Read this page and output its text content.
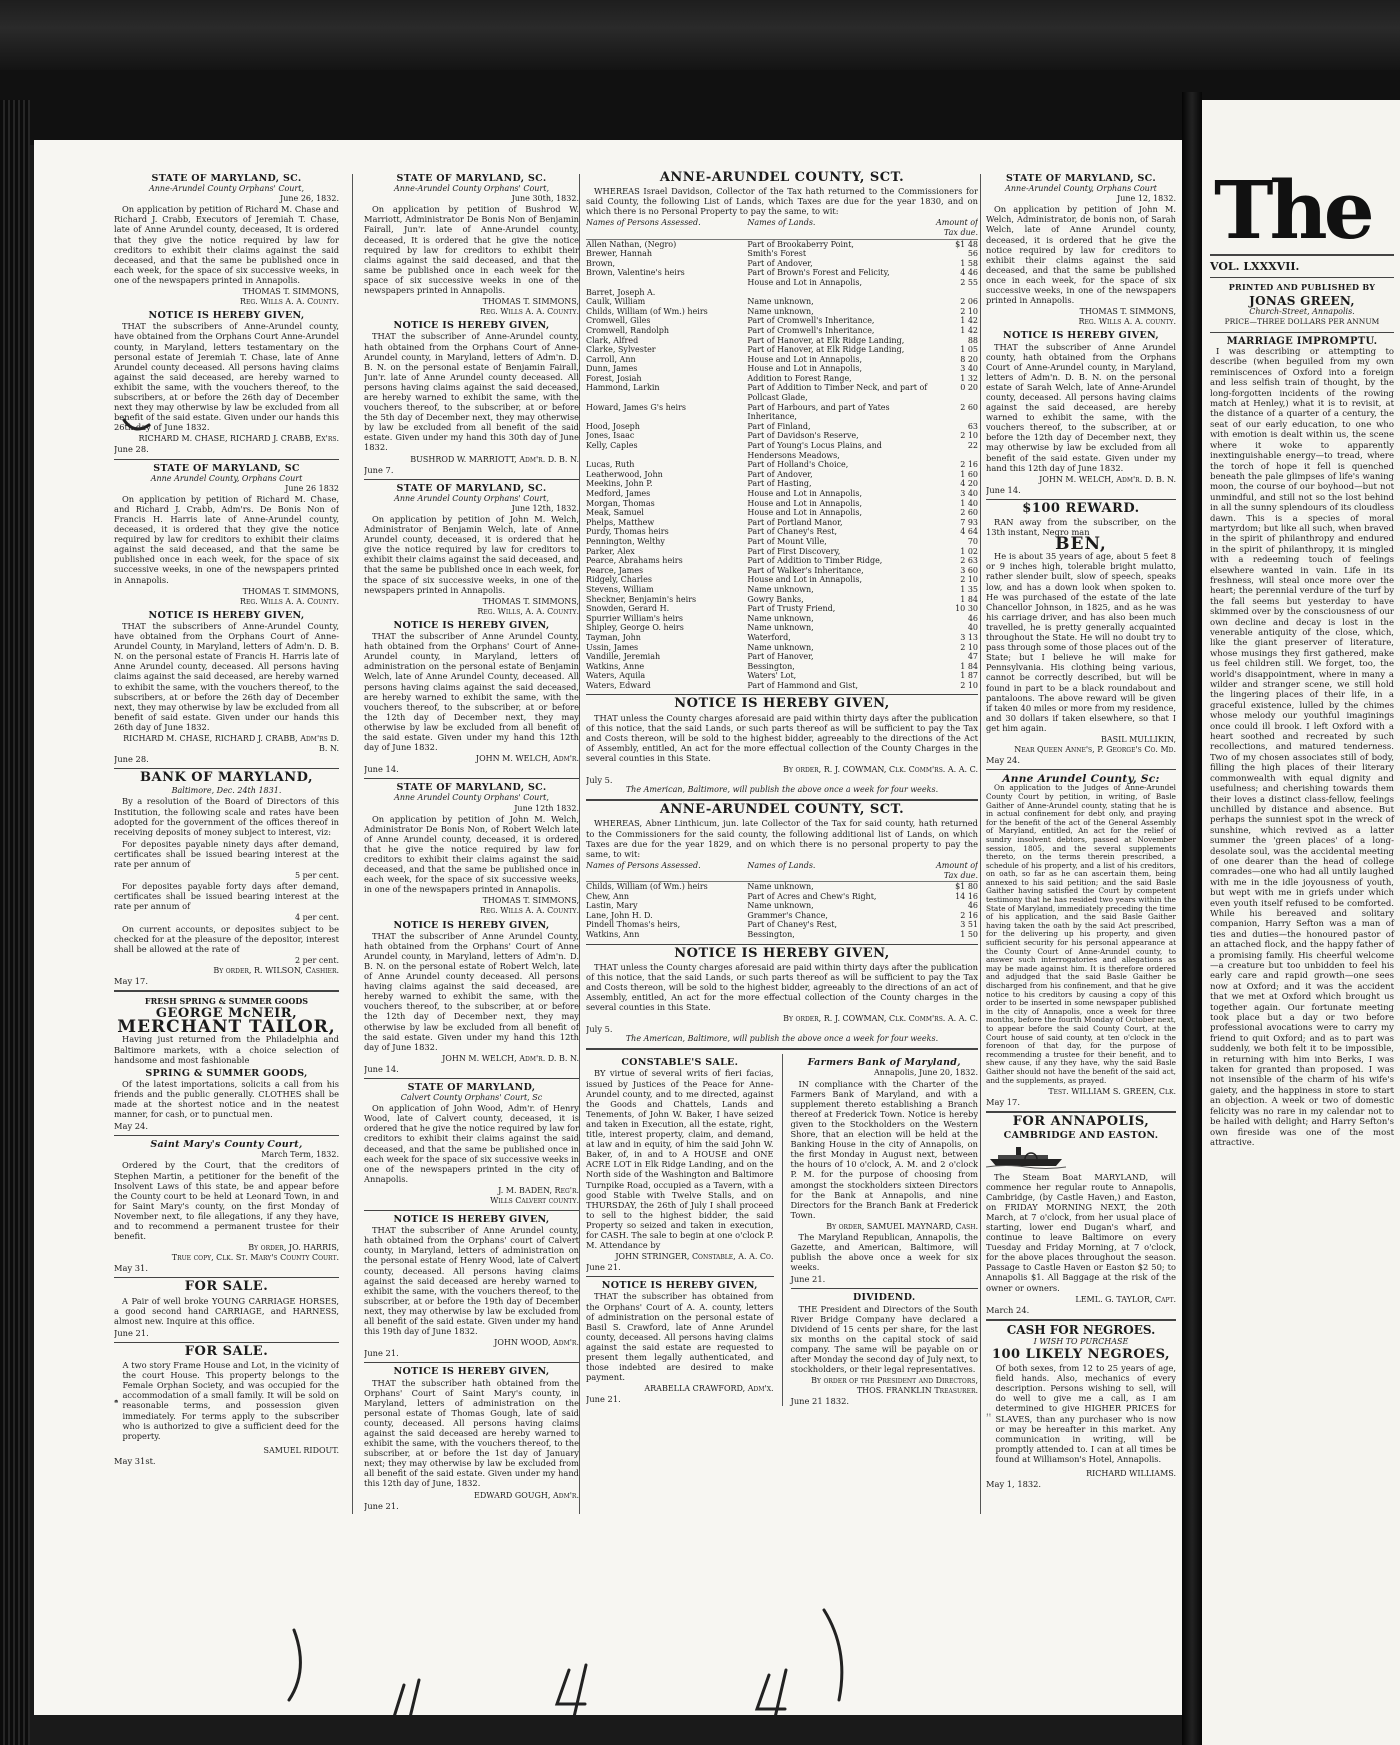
STATE OF MARYLAND, SC.
Anne-Arundel County Orphans' Court,
June 26, 1832.

On application by petition of Richard M. Chase and Richard J. Crabb, Executors of Jeremiah T. Chase, late of Anne Arundel county, deceased, It is ordered that they give the notice required by law for creditors to exhibit their claims against the said deceased, and that the same be published once in each week, for the space of six successive weeks, in one of the newspapers printed in Annapolis.

THOMAS T. SIMMONS,
Reg. Wills A. A. County.
NOTICE IS HEREBY GIVEN,

THAT the subscribers of Anne-Arundel county, have obtained from the Orphans Court Anne-Arundel county, in Maryland, letters testamentary on the personal estate of Jeremiah T. Chase, late of Anne Arundel county deceased. All persons having claims against the said deceased, are hereby warned to exhibit the same, with the vouchers thereof, to the subscribers, at or before the 26th day of December next they may otherwise by law be excluded from all benefit of the said estate. Given under our hands this 26th day of June 1832.

RICHARD M. CHASE, RICHARD J. CRABB, Ex'rs.
June 28.
STATE OF MARYLAND, SC
Anne Arundel County, Orphans Court
June 26 1832

On application by petition of Richard M. Chase, and Richard J. Crabb, Adm'rs. De Bonis Non of Francis H. Harris late of Anne-Arundel county, deceased, it is ordered that they give the notice required by law for creditors to exhibit their claims against the said deceased, and that the same be published once in each week, for the space of six successive weeks, in one of the newspapers printed in Annapolis.

THOMAS T. SIMMONS,
Reg. Wills A. A. County.
NOTICE IS HEREBY GIVEN,

THAT the subscribers of Anne-Arundel County, have obtained from the Orphans Court of Anne-Arundel County, in Maryland, letters of Adm'n. D. B. N. on the personal estate of Francis H. Harris late of Anne Arundel county, deceased. All persons having claims against the said deceased, are hereby warned to exhibit the same, with the vouchers thereof, to the subscribers, at or before the 26th day of December next, they may otherwise by law be excluded from all benefit of said estate. Given under our hands this 26th day of June 1832.

RICHARD M. CHASE, RICHARD J. CRABB, Adm'rs D. B. N.
June 28.
BANK OF MARYLAND,
Baltimore, Dec. 24th 1831.

By a resolution of the Board of Directors of this Institution, the following scale and rates have been adopted for the government of the offices thereof in receiving deposits of money subject to interest, viz:

For deposites payable ninety days after demand, certificates shall be issued bearing interest at the rate per annum of

5 per cent.

For deposites payable forty days after demand, certificates shall be issued bearing interest at the rate per annum of

4 per cent.

On current accounts, or deposites subject to be checked for at the pleasure of the depositor, interest shall be allowed at the rate of

2 per cent.
By order, R. WILSON, Cashier.
May 17.
FRESH SPRING & SUMMER GOODS
GEORGE McNEIR,
MERCHANT TAILOR,

Having just returned from the Philadelphia and Baltimore markets, with a choice selection of handsome and most fashionable

SPRING & SUMMER GOODS,

Of the latest importations, solicits a call from his friends and the public generally. CLOTHES shall be made at the shortest notice and in the neatest manner, for cash, or to punctual men.

May 24.
Saint Mary's County Court,
March Term, 1832.

Ordered by the Court, that the creditors of Stephen Martin, a petitioner for the benefit of the Insolvent Laws of this state, be and appear before the County court to be held at Leonard Town, in and for Saint Mary's county, on the first Monday of November next, to file allegations, if any they have, and to recommend a permanent trustee for their benefit.

By order, JO. HARRIS,
True copy, Clk. St. Mary's County Court.
May 31.
FOR SALE.

A Pair of well broke YOUNG CARRIAGE HORSES, a good second hand CARRIAGE, and HARNESS, almost new. Inquire at this office.

June 21.
FOR SALE.

A two story Frame House and Lot, in the vicinity of the court House. This property belongs to the Female Orphan Society, and was occupied for the accommodation of a small family. It will be sold on reasonable terms, and possession given immediately. For terms apply to the subscriber who is authorized to give a sufficient deed for the property.

SAMUEL RIDOUT.
May 31st.
STATE OF MARYLAND, SC.
Anne-Arundel County Orphans' Court,
June 30th, 1832.

On application by petition of Bushrod W. Marriott, Administrator De Bonis Non of Benjamin Fairall, Jun'r. late of Anne-Arundel county, deceased, It is ordered that he give the notice required by law for creditors to exhibit their claims against the said deceased, and that the same be published once in each week for the space of six successive weeks in one of the newspapers printed in Annapolis.

THOMAS T. SIMMONS,
Reg. Wills A. A. County.
NOTICE IS HEREBY GIVEN,

THAT the subscriber of Anne-Arundel county, hath obtained from the Orphans Court of Anne-Arundel county, in Maryland, letters of Adm'n. D. B. N. on the personal estate of Benjamin Fairall, Jun'r. late of Anne Arundel county deceased. All persons having claims against the said deceased, are hereby warned to exhibit the same, with the vouchers thereof, to the subscriber, at or before the 5th day of December next, they may otherwise by law be excluded from all benefit of the said estate. Given under my hand this 30th day of June 1832.

BUSHROD W. MARRIOTT, Adm'r. D. B. N.
June 7.
STATE OF MARYLAND, SC.
Anne Arundel County Orphans' Court,
June 12th, 1832.

On application by petition of John M. Welch, Administrator of Benjamin Welch, late of Anne Arundel county, deceased, it is ordered that he give the notice required by law for creditors to exhibit their claims against the said deceased, and that the same be published once in each week, for the space of six successive weeks, in one of the newspapers printed in Annapolis.

THOMAS T. SIMMONS,
Reg. Wills, A. A. County.
NOTICE IS HEREBY GIVEN,

THAT the subscriber of Anne Arundel County, hath obtained from the Orphans' Court of Anne-Arundel county, in Maryland, letters of administration on the personal estate of Benjamin Welch, late of Anne Arundel County, deceased. All persons having claims against the said deceased, are hereby warned to exhibit the same, with the vouchers thereof, to the subscriber, at or before the 12th day of December next, they may otherwise by law be excluded from all benefit of the said estate. Given under my hand this 12th day of June 1832.

JOHN M. WELCH, Adm'r.
June 14.
STATE OF MARYLAND, SC.
Anne Arundel County Orphans' Court,
June 12th 1832.

On application by petition of John M. Welch, Administrator De Bonis Non, of Robert Welch late of Anne Arundel county, deceased, it is ordered that he give the notice required by law for creditors to exhibit their claims against the said deceased, and that the same be published once in each week, for the space of six successive weeks, in one of the newspapers printed in Annapolis.

THOMAS T. SIMMONS,
Reg. Wills A. A. County.
NOTICE IS HEREBY GIVEN,

THAT the subscriber of Anne Arundel County, hath obtained from the Orphans' Court of Anne Arundel county, in Maryland, letters of Adm'n. D. B. N. on the personal estate of Robert Welch, late of Anne Arundel county deceased. All persons having claims against the said deceased, are hereby warned to exhibit the same, with the vouchers thereof, to the subscriber, at or before the 12th day of December next, they may otherwise by law be excluded from all benefit of the said estate. Given under my hand this 12th day of June 1832.

JOHN M. WELCH, Adm'r. D. B. N.
June 14.
STATE OF MARYLAND,
Calvert County Orphans' Court, Sc

On application of John Wood, Adm'r. of Henry Wood, late of Calvert county, deceased, it is ordered that he give the notice required by law for creditors to exhibit their claims against the said deceased, and that the same be published once in each week for the space of six successive weeks in one of the newspapers printed in the city of Annapolis.

J. M. BADEN, Reg'r.
Wills Calvert county.
NOTICE IS HEREBY GIVEN,

THAT the subscriber of Anne Arundel county, hath obtained from the Orphans' court of Calvert county, in Maryland, letters of administration on the personal estate of Henry Wood, late of Calvert county, deceased. All persons having claims against the said deceased are hereby warned to exhibit the same, with the vouchers thereof, to the subscriber, at or before the 19th day of December next, they may otherwise by law be excluded from all benefit of the said estate. Given under my hand this 19th day of June 1832.

JOHN WOOD, Adm'r.
June 21.
NOTICE IS HEREBY GIVEN,

THAT the subscriber hath obtained from the Orphans' Court of Saint Mary's county, in Maryland, letters of administration on the personal estate of Thomas Gough, late of said county, deceased. All persons having claims against the said deceased are hereby warned to exhibit the same, with the vouchers thereof, to the subscriber, at or before the 1st day of January next; they may otherwise by law be excluded from all benefit of the said estate. Given under my hand this 12th day of June, 1832.

EDWARD GOUGH, Adm'r.
June 21.
ANNE-ARUNDEL COUNTY, SCT.

WHEREAS Israel Davidson, Collector of the Tax hath returned to the Commissioners for said County, the following List of Lands, which Taxes are due for the year 1830, and on which there is no Personal Property to pay the same, to wit:

Names of Persons Assessed.	Names of Lands.	Amount of Tax due.
Allen Nathan, (Negro)	Part of Brookaberry Point,	$1 48
Brewer, Hannah	Smith's Forest	56
Brown,	Part of Andover,	1 58
Brown, Valentine's heirs	Part of Brown's Forest and Felicity,	4 46
House and Lot in Annapolis,	2 55
Barret, Joseph A.
Caulk, William	Name unknown,	2 06
Childs, William (of Wm.) heirs	Name unknown,	2 10
Cromwell, Giles	Part of Cromwell's Inheritance,	1 42
Cromwell, Randolph	Part of Cromwell's Inheritance,	1 42
Clark, Alfred	Part of Hanover, at Elk Ridge Landing,	88
Clarke, Sylvester	Part of Hanover, at Elk Ridge Landing,	1 05
Carroll, Ann	House and Lot in Annapolis,	8 20
Dunn, James	House and Lot in Annapolis,	3 40
Forest, Josiah	Addition to Forest Range,	1 32
Hammond, Larkin	Part of Addition to Timber Neck, and part of Pollcast Glade,
0 20
Howard, James G's heirs	Part of Harbours, and part of Yates Inheritance,
2 60
Hood, Joseph	Part of Finland,	63
Jones, Isaac	Part of Davidson's Reserve,	2 10
Kelly, Caples	Part of Young's Locus Plains, and Hendersons Meadows,
22
Lucas, Ruth	Part of Holland's Choice,	2 16
Leatherwood, John	Part of Andover,	1 60
Meekins, John P.	Part of Hasting,	4 20
Medford, James	House and Lot in Annapolis,	3 40
Morgan, Thomas	House and Lot in Annapolis,	1 40
Meak, Samuel	House and Lot in Annapolis,	2 60
Phelps, Matthew	Part of Portland Manor,	7 93
Purdy, Thomas heirs	Part of Chaney's Rest,	4 64
Pennington, Welthy	Part of Mount Ville,	70
Parker, Alex	Part of First Discovery,	1 02
Pearce, Abrahams heirs	Part of Addition to Timber Ridge,	2 63
Pearce, James	Part of Walker's Inheritance,	3 60
Ridgely, Charles	House and Lot in Annapolis,	2 10
Stevens, William	Name unknown,	1 35
Sheckner, Benjamin's heirs	Gowry Banks,	1 84
Snowden, Gerard H.	Part of Trusty Friend,	10 30
Spurrier William's heirs	Name unknown,	46
Shipley, George O. heirs	Name unknown,	40
Tayman, John	Waterford,	3 13
Ussin, James	Name unknown,	2 10
Vandille, Jeremiah	Part of Hanover,	47
Watkins, Anne	Bessington,	1 84
Waters, Aquila	Waters' Lot,	1 87
Waters, Edward	Part of Hammond and Gist,	2 10
NOTICE IS HEREBY GIVEN,

THAT unless the County charges aforesaid are paid within thirty days after the publication of this notice, that the said Lands, or such parts thereof as will be sufficient to pay the Tax and Costs thereon, will be sold to the highest bidder, agreeably to the directions of the Act of Assembly, entitled, An act for the more effectual collection of the County Charges in the several counties in this State.

By order, R. J. COWMAN, Clk. Comm'rs. A. A. C.
July 5.
The American, Baltimore, will publish the above once a week for four weeks.
ANNE-ARUNDEL COUNTY, SCT.

WHEREAS, Abner Linthicum, jun. late Collector of the Tax for said county, hath returned to the Commissioners for the said county, the following additional list of Lands, on which Taxes are due for the year 1829, and on which there is no personal property to pay the same, to wit:

Names of Persons Assessed.	Names of Lands.	Amount of Tax due.
Childs, William (of Wm.) heirs	Name unknown,	$1 80
Chew, Ann	Part of Acres and Chew's Right,	14 16
Lastin, Mary	Name unknown,	46
Lane, John H. D.	Grammer's Chance,	2 16
Pindell Thomas's heirs,	Part of Chaney's Rest,	3 51
Watkins, Ann	Bessington,	1 50
NOTICE IS HEREBY GIVEN,

THAT unless the County charges aforesaid are paid within thirty days after the publication of this notice, that the said Lands, or such parts thereof as will be sufficient to pay the Tax and Costs thereon, will be sold to the highest bidder, agreeably to the directions of an act of Assembly, entitled, An act for the more effectual collection of the County charges in the several counties in this State.

By order, R. J. COWMAN, Clk. Comm'rs. A. A. C.
July 5.
The American, Baltimore, will publish the above once a week for four weeks.
CONSTABLE'S SALE.

BY virtue of several writs of fieri facias, issued by Justices of the Peace for Anne-Arundel county, and to me directed, against the Goods and Chattels, Lands and Tenements, of John W. Baker, I have seized and taken in Execution, all the estate, right, title, interest property, claim, and demand, at law and in equity, of him the said John W. Baker, of, in and to A HOUSE and ONE ACRE LOT in Elk Ridge Landing, and on the North side of the Washington and Baltimore Turnpike Road, occupied as a Tavern, with a good Stable with Twelve Stalls, and on THURSDAY, the 26th of July I shall proceed to sell to the highest bidder, the said Property so seized and taken in execution, for CASH. The sale to begin at one o'clock P. M. Attendance by

JOHN STRINGER, Constable, A. A. Co.
June 21.
NOTICE IS HEREBY GIVEN,

THAT the subscriber has obtained from the Orphans' Court of A. A. county, letters of administration on the personal estate of Basil S. Crawford, late of Anne Arundel county, deceased. All persons having claims against the said estate are requested to present them legally authenticated, and those indebted are desired to make payment.

ARABELLA CRAWFORD, Adm'x.
June 21.
Farmers Bank of Maryland,
Annapolis, June 20, 1832.

IN compliance with the Charter of the Farmers Bank of Maryland, and with a supplement thereto establishing a Branch thereof at Frederick Town. Notice is hereby given to the Stockholders on the Western Shore, that an election will be held at the Banking House in the city of Annapolis, on the first Monday in August next, between the hours of 10 o'clock, A. M. and 2 o'clock P. M. for the purpose of choosing from amongst the stockholders sixteen Directors for the Bank at Annapolis, and nine Directors for the Branch Bank at Frederick Town.

By order, SAMUEL MAYNARD, Cash.

The Maryland Republican, Annapolis, the Gazette, and American, Baltimore, will publish the above once a week for six weeks.

June 21.
DIVIDEND.

THE President and Directors of the South River Bridge Company have declared a Dividend of 15 cents per share, for the last six months on the capital stock of said company. The same will be payable on or after Monday the second day of July next, to stockholders, or their legal representatives.

By order of the President and Directors, THOS. FRANKLIN Treasurer.
June 21 1832.
STATE OF MARYLAND, SC.
Anne-Arundel County, Orphans Court
June 12, 1832.

On application by petition of John M. Welch, Administrator, de bonis non, of Sarah Welch, late of Anne Arundel county, deceased, it is ordered that he give the notice required by law for creditors to exhibit their claims against the said deceased, and that the same be published once in each week, for the space of six successive weeks, in one of the newspapers printed in Annapolis.

THOMAS T. SIMMONS,
Reg. Wills A. A. county.
NOTICE IS HEREBY GIVEN,

THAT the subscriber of Anne Arundel county, hath obtained from the Orphans Court of Anne-Arundel county, in Maryland, letters of Adm'n. D. B. N. on the personal estate of Sarah Welch, late of Anne-Arundel county, deceased. All persons having claims against the said deceased, are hereby warned to exhibit the same, with the vouchers thereof, to the subscriber, at or before the 12th day of December next, they may otherwise by law be excluded from all benefit of the said estate. Given under my hand this 12th day of June 1832.

JOHN M. WELCH, Adm'r. D. B. N.
June 14.
$100 REWARD.

RAN away from the subscriber, on the 13th instant, Negro man

BEN,

He is about 35 years of age, about 5 feet 8 or 9 inches high, tolerable bright mulatto, rather slender built, slow of speech, speaks low, and has a down look when spoken to. He was purchased of the estate of the late Chancellor Johnson, in 1825, and as he was his carriage driver, and has also been much travelled, he is pretty generally acquainted throughout the State. He will no doubt try to pass through some of those places out of the State; but I believe he will make for Pennsylvania. His clothing being various, cannot be correctly described, but will be found in part to be a black roundabout and pantaloons. The above reward will be given if taken 40 miles or more from my residence, and 30 dollars if taken elsewhere, so that I get him again.

BASIL MULLIKIN,
Near Queen Anne's, P. George's Co. Md.
May 24.
Anne Arundel County, Sc:

On application to the Judges of Anne-Arundel County Court by petition, in writing, of Basle Gaither of Anne-Arundel county, stating that he is in actual confinement for debt only, and praying for the benefit of the act of the General Assembly of Maryland, entitled, An act for the relief of sundry insolvent debtors, passed at November session, 1805, and the several supplements thereto, on the terms therein prescribed, a schedule of his property, and a list of his creditors, on oath, so far as he can ascertain them, being annexed to his said petition; and the said Basle Gaither having satisfied the Court by competent testimony that he has resided two years within the State of Maryland, immediately preceding the time of his application, and the said Basle Gaither having taken the oath by the said Act prescribed, for the delivering up his property, and given sufficient security for his personal appearance at the County Court of Anne-Arundel county, to answer such interrogatories and allegations as may be made against him. It is therefore ordered and adjudged that the said Basle Gaither be discharged from his confinement, and that he give notice to his creditors by causing a copy of this order to be inserted in some newspaper published in the city of Annapolis, once a week for three months, before the fourth Monday of October next, to appear before the said County Court, at the Court house of said county, at ten o'clock in the forenoon of that day, for the purpose of recommending a trustee for their benefit, and to shew cause, if any they have, why the said Basle Gaither should not have the benefit of the said act, and the supplements, as prayed.

Test. WILLIAM S. GREEN, Clk.
May 17.
FOR ANNAPOLIS,
CAMBRIDGE AND EASTON.

The Steam Boat MARYLAND, will commence her regular route to Annapolis, Cambridge, (by Castle Haven,) and Easton, on FRIDAY MORNING NEXT, the 20th March, at 7 o'clock, from her usual place of starting, lower end Dugan's wharf, and continue to leave Baltimore on every Tuesday and Friday Morning, at 7 o'clock, for the above places throughout the season. Passage to Castle Haven or Easton $2 50; to Annapolis $1. All Baggage at the risk of the owner or owners.

LEML. G. TAYLOR, Capt.
March 24.
CASH FOR NEGROES.
I WISH TO PURCHASE
100 LIKELY NEGROES,

Of both sexes, from 12 to 25 years of age, field hands. Also, mechanics of every description. Persons wishing to sell, will do well to give me a call, as I am determined to give HIGHER PRICES for SLAVES, than any purchaser who is now or may be hereafter in this market. Any communication in writing, will be promptly attended to. I can at all times be found at Williamson's Hotel, Annapolis.

RICHARD WILLIAMS.
May 1, 1832.
The
VOL. LXXXVII.
PRINTED AND PUBLISHED BY
JONAS GREEN,
Church-Street, Annapolis.
PRICE—THREE DOLLARS PER ANNUM
MARRIAGE IMPROMPTU.

I was describing or attempting to describe (when beguiled from my own reminiscences of Oxford into a foreign and less selfish train of thought, by the long-forgotten incidents of the rowing match at Henley,) what it is to revisit, at the distance of a quarter of a century, the seat of our early education, to one who with emotion is dealt within us, the scene where it woke to apparently inextinguishable energy—to tread, where the torch of hope it fell is quenched beneath the pale glimpses of life's waning moon, the course of our boyhood—but not unmindful, and still not so the lost behind in all the sunny splendours of its cloudless dawn. This is a species of moral martyrdom; but like all such, when braved in the spirit of philanthropy and endured in the spirit of philanthropy, it is mingled with a redeeming touch of feelings elsewhere wanted in vain. Life in its freshness, will steal once more over the heart; the perennial verdure of the turf by the fall seems but yesterday to have skimmed over by the consciousness of our own decline and decay is lost in the venerable antiquity of the close, which, like the giant preserver of literature, whose musings they first gathered, make us feel children still. We forget, too, the world's disappointment, where in many a wilder and stranger scene, we still hold the lingering places of their life, in a graceful existence, lulled by the chimes whose melody our youthful imaginings once could ill brook. I left Oxford with a heart soothed and recreated by such recollections, and matured tenderness. Two of my chosen associates still of body, filling the high places of their literary commonwealth with equal dignity and usefulness; and cherishing towards them their loves a distinct class-fellow, feelings unchilled by distance and absence. But perhaps the sunniest spot in the wreck of sunshine, which revived as a latter summer the 'green places' of a long-desolate soul, was the accidental meeting of one dearer than the head of college comrades—one who had all untily laughed with me in the idle joyousness of youth, but wept with me in griefs under which even youth itself refused to be comforted. While his bereaved and solitary companion, Harry Sefton was a man of ties and duties—the honoured pastor of an attached flock, and the happy father of a promising family. His cheerful welcome—a creature but too unbidden to feel his early care and rapid growth—one sees now at Oxford; and it was the accident that we met at Oxford which brought us together again. Our fortunate meeting took place but a day or two before professional avocations were to carry my friend to quit Oxford; and as to part was suddenly, we both felt it to be impossible, in returning with him into Berks, I was taken for granted than proposed. I was not insensible of the charm of his wife's gaiety, and the happiness in store to start an objection. A week or two of domestic felicity was no rare in my calendar not to be hailed with delight; and Harry Sefton's own fireside was one of the most attractive.
